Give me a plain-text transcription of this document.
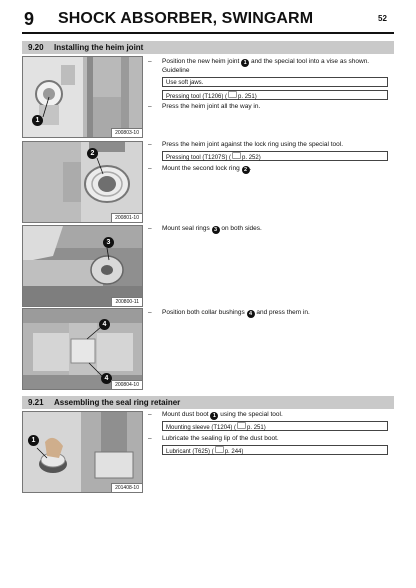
9 SHOCK ABSORBER, SWINGARM	52
9.20 Installing the heim joint
1
200803-10
– Position the new heim joint 1 and the special tool into a vise as shown.
Guideline
Use soft jaws.
Pressing tool (T1206) ( p. 251)
– Press the heim joint all the way in.
2
200801-10
– Press the heim joint against the lock ring using the special tool.
Pressing tool (T1207S) ( p. 252)
– Mount the second lock ring 2 .
3
200800-11
– Mount seal rings 3 on both sides.
4
4
200804-10
– Position both collar bushings 4 and press them in.
9.21 Assembling the seal ring retainer
1
201408-10
– Mount dust boot 1 using the special tool.
Mounting sleeve (T1204) ( p. 251)
– Lubricate the sealing lip of the dust boot.
Lubricant (T625) ( p. 244)
